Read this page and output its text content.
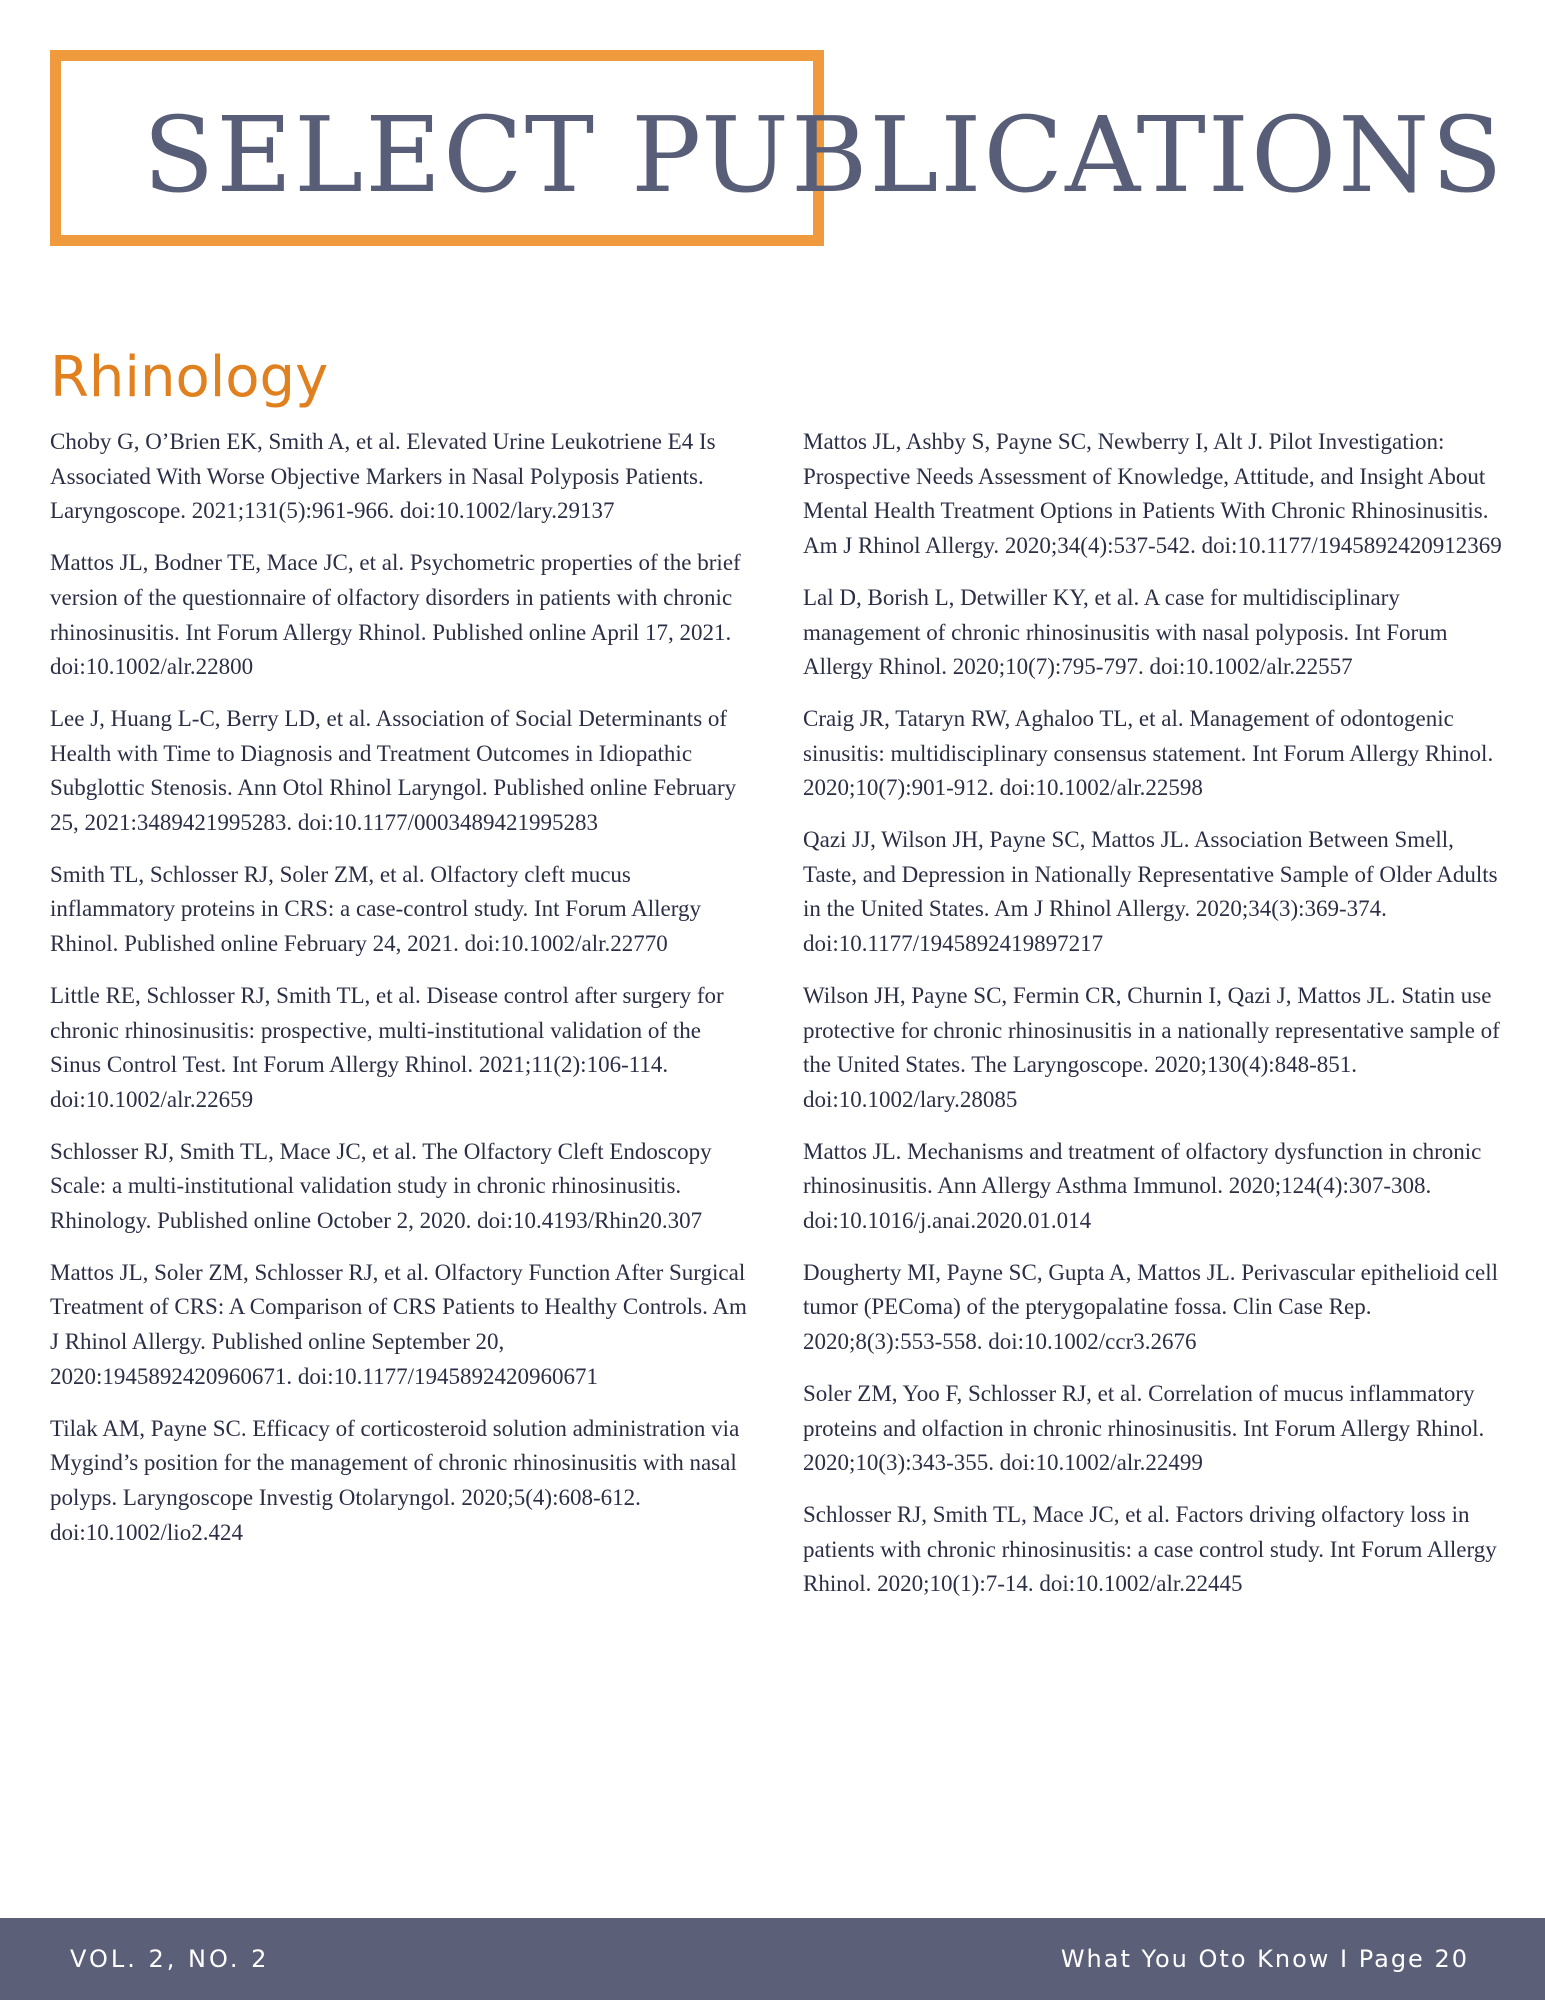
SELECT PUBLICATIONS
Rhinology

Choby G, O’Brien EK, Smith A, et al. Elevated Urine Leukotriene E4 Is Associated With Worse Objective Markers in Nasal Polyposis Patients. Laryngoscope. 2021;131(5):961-966. doi:10.1002/lary.29137

Mattos JL, Bodner TE, Mace JC, et al. Psychometric properties of the brief version of the questionnaire of olfactory disorders in patients with chronic rhinosinusitis. Int Forum Allergy Rhinol. Published online April 17, 2021. doi:10.1002/alr.22800

Lee J, Huang L-C, Berry LD, et al. Association of Social Determinants of Health with Time to Diagnosis and Treatment Outcomes in Idiopathic Subglottic Stenosis. Ann Otol Rhinol Laryngol. Published online February 25, 2021:3489421995283. doi:10.1177/0003489421995283

Smith TL, Schlosser RJ, Soler ZM, et al. Olfactory cleft mucus inflammatory proteins in CRS: a case-control study. Int Forum Allergy Rhinol. Published online February 24, 2021. doi:10.1002/alr.22770

Little RE, Schlosser RJ, Smith TL, et al. Disease control after surgery for chronic rhinosinusitis: prospective, multi-institutional validation of the Sinus Control Test. Int Forum Allergy Rhinol. 2021;11(2):106-114. doi:10.1002/alr.22659

Schlosser RJ, Smith TL, Mace JC, et al. The Olfactory Cleft Endoscopy Scale: a multi-institutional validation study in chronic rhinosinusitis. Rhinology. Published online October 2, 2020. doi:10.4193/Rhin20.307

Mattos JL, Soler ZM, Schlosser RJ, et al. Olfactory Function After Surgical Treatment of CRS: A Comparison of CRS Patients to Healthy Controls. Am J Rhinol Allergy. Published online September 20, 2020:1945892420960671. doi:10.1177/1945892420960671

Tilak AM, Payne SC. Efficacy of corticosteroid solution administration via Mygind’s position for the management of chronic rhinosinusitis with nasal polyps. Laryngoscope Investig Otolaryngol. 2020;5(4):608-612. doi:10.1002/lio2.424

Mattos JL, Ashby S, Payne SC, Newberry I, Alt J. Pilot Investigation: Prospective Needs Assessment of Knowledge, Attitude, and Insight About Mental Health Treatment Options in Patients With Chronic Rhinosinusitis. Am J Rhinol Allergy. 2020;34(4):537-542. doi:10.1177/1945892420912369

Lal D, Borish L, Detwiller KY, et al. A case for multidisciplinary management of chronic rhinosinusitis with nasal polyposis. Int Forum Allergy Rhinol. 2020;10(7):795-797. doi:10.1002/alr.22557

Craig JR, Tataryn RW, Aghaloo TL, et al. Management of odontogenic sinusitis: multidisciplinary consensus statement. Int Forum Allergy Rhinol. 2020;10(7):901-912. doi:10.1002/alr.22598

Qazi JJ, Wilson JH, Payne SC, Mattos JL. Association Between Smell, Taste, and Depression in Nationally Representative Sample of Older Adults in the United States. Am J Rhinol Allergy. 2020;34(3):369-374. doi:10.1177/1945892419897217

Wilson JH, Payne SC, Fermin CR, Churnin I, Qazi J, Mattos JL. Statin use protective for chronic rhinosinusitis in a nationally representative sample of the United States. The Laryngoscope. 2020;130(4):848-851. doi:10.1002/lary.28085

Mattos JL. Mechanisms and treatment of olfactory dysfunction in chronic rhinosinusitis. Ann Allergy Asthma Immunol. 2020;124(4):307-308. doi:10.1016/j.anai.2020.01.014

Dougherty MI, Payne SC, Gupta A, Mattos JL. Perivascular epithelioid cell tumor (PEComa) of the pterygopalatine fossa. Clin Case Rep. 2020;8(3):553-558. doi:10.1002/ccr3.2676

Soler ZM, Yoo F, Schlosser RJ, et al. Correlation of mucus inflammatory proteins and olfaction in chronic rhinosinusitis. Int Forum Allergy Rhinol. 2020;10(3):343-355. doi:10.1002/alr.22499

Schlosser RJ, Smith TL, Mace JC, et al. Factors driving olfactory loss in patients with chronic rhinosinusitis: a case control study. Int Forum Allergy Rhinol. 2020;10(1):7-14. doi:10.1002/alr.22445

VOL. 2, NO. 2	What You Oto Know I Page 20
